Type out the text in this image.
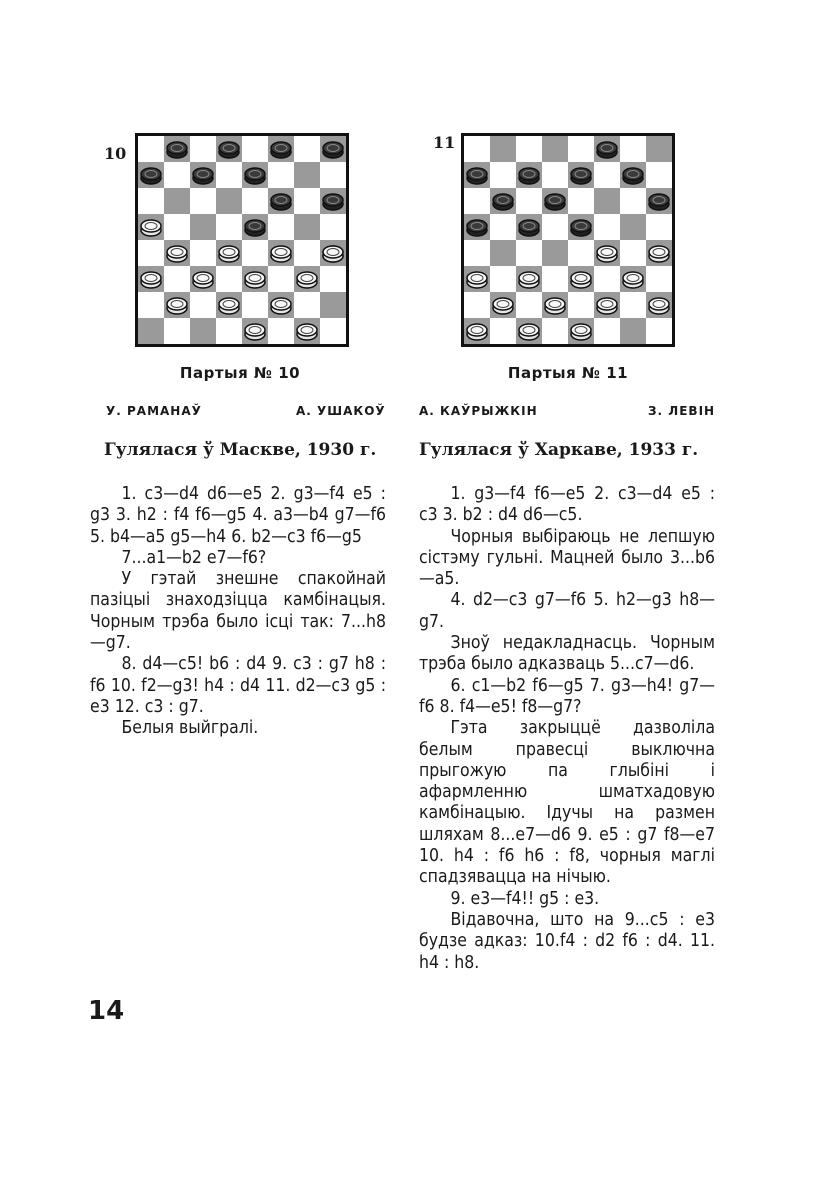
10
11
Партыя № 10	Партыя № 11
У. РАМАНАЎ	А. УШАКОЎ	А. КАЎРЫЖКІН	З. ЛЕВІН
Гулялася ў Маскве, 1930 г.	Гулялася ў Харкаве, 1933 г.

1. c3—d4 d6—e5 2. g3—f4 e5 : g3 3. h2 : f4 f6—g5 4. a3—b4 g7—f6 5. b4—a5 g5—h4 6. b2—c3 f6—g5

7...a1—b2 e7—f6?

У гэтай знешне спакойнай пазіцыі знаходзіцца камбінацыя. Чорным трэба было ісці так: 7...h8—g7.

8. d4—c5! b6 : d4 9. c3 : g7 h8 : f6 10. f2—g3! h4 : d4 11. d2—c3 g5 : e3 12. c3 : g7.

Белыя выйгралі.

1. g3—f4 f6—e5 2. c3—d4 e5 : c3 3. b2 : d4 d6—c5.

Чорныя выбіраюць не лепшую сістэму гульні. Мацней было 3...b6—a5.

4. d2—c3 g7—f6 5. h2—g3 h8—g7.

Зноў недакладнасць. Чорным трэба было адказваць 5...c7—d6.

6. c1—b2 f6—g5 7. g3—h4! g7—f6 8. f4—e5! f8—g7?

Гэта закрыццё дазволіла белым правесці выключна прыгожую па глыбіні і афармленню шматхадовую камбінацыю. Ідучы на размен шляхам 8...e7—d6 9. e5 : g7 f8—e7 10. h4 : f6 h6 : f8, чорныя маглі спадзявацца на нічыю.

9. e3—f4!! g5 : e3.

Відавочна, што на 9...c5 : e3 будзе адказ: 10.f4 : d2 f6 : d4. 11. h4 : h8.

14
